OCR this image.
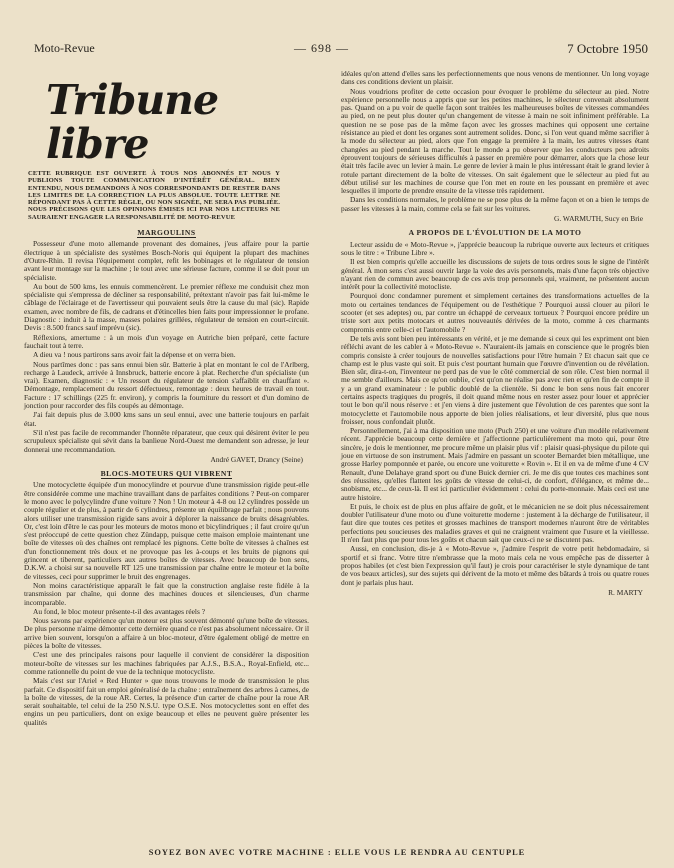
Moto-Revue	— 698 —	7 Octobre 1950
Tribune libre
CETTE RUBRIQUE EST OUVERTE À TOUS NOS ABONNÉS ET NOUS Y PUBLIONS TOUTE COMMUNICATION D'INTÉRÊT GÉNÉRAL. BIEN ENTENDU, NOUS DEMANDONS À NOS CORRESPONDANTS DE RESTER DANS LES LIMITES DE LA CORRECTION LA PLUS ABSOLUE. TOUTE LETTRE NE RÉPONDANT PAS À CETTE RÈGLE, OU NON SIGNÉE, NE SERA PAS PUBLIÉE. NOUS PRÉCISONS QUE LES OPINIONS ÉMISES ICI PAR NOS LECTEURS NE SAURAIENT ENGAGER LA RESPONSABILITÉ DE MOTO-REVUE
MARGOULINS

Possesseur d'une moto allemande provenant des domaines, j'eus affaire pour la partie électrique à un spécialiste des systèmes Bosch-Noris qui équipent la plupart des machines d'Outre-Rhin. Il revisa l'équipement complet, refit les bobinages et le régulateur de tension avant leur montage sur la machine ; le tout avec une sérieuse facture, comme il se doit pour un spécialiste.

Au bout de 500 kms, les ennuis commencèrent. Le premier réflexe me conduisit chez mon spécialiste qui s'empressa de décliner sa responsabilité, prétextant n'avoir pas fait lui-même le câblage de l'éclairage et de l'avertisseur qui pouvaient seuls être la cause du mal (sic). Rapide examen, avec nombre de fils, de cadrans et d'étincelles bien faits pour impressionner le profane. Diagnostic : induit à la masse, masses polaires grillées, régulateur de tension en court-circuit. Devis : 8.500 francs sauf imprévu (sic).

Réflexions, amertume : à un mois d'un voyage en Autriche bien préparé, cette facture fauchait tout à terre.

A dieu va ! nous partirons sans avoir fait la dépense et on verra bien.

Nous partîmes donc : pas sans ennui bien sûr. Batterie à plat en montant le col de l'Arlberg, recharge à Laudeck, arrivée à Innsbruck, batterie encore à plat. Recherche d'un spécialiste (un vrai). Examen, diagnostic : « Un ressort du régulateur de tension s'affaiblit en chauffant ». Démontage, remplacement du ressort défectueux, remontage : deux heures de travail en tout. Facture : 17 schillings (225 fr. environ), y compris la fourniture du ressort et d'un domino de jonction pour raccorder des fils coupés au démontage.

J'ai fait depuis plus de 3.000 kms sans un seul ennui, avec une batterie toujours en parfait état.

S'il n'est pas facile de recommander l'honnête réparateur, que ceux qui désirent éviter le peu scrupuleux spécialiste qui sévit dans la banlieue Nord-Ouest me demandent son adresse, je leur donnerai une recommandation.

André GAVET, Drancy (Seine)
BLOCS-MOTEURS QUI VIBRENT

Une motocyclette équipée d'un monocylindre et pourvue d'une transmission rigide peut-elle être considérée comme une machine travaillant dans de parfaites conditions ? Peut-on comparer le mono avec le polycylindre d'une voiture ? Non ! Un moteur à 4-8 ou 12 cylindres possède un couple régulier et de plus, à partir de 6 cylindres, présente un équilibrage parfait ; nous pouvons alors utiliser une transmission rigide sans avoir à déplorer la naissance de bruits désagréables. Or, c'est loin d'être le cas pour les moteurs de motos mono et bicylindriques ; il faut croire qu'un s'est préoccupé de cette question chez Zündapp, puisque cette maison emploie maintenant une boîte de vitesses où des chaînes ont remplacé les pignons. Cette boîte de vitesses à chaînes est d'un fonctionnement très doux et ne provoque pas les à-coups et les bruits de pignons qui grincent et tiberent, particuliers aux autres boîtes de vitesses. Avec beaucoup de bon sens, D.K.W. a choisi sur sa nouvelle RT 125 une transmission par chaîne entre le moteur et la boîte de vitesses, ceci pour supprimer le bruit des engrenages.

Non moins caractéristique apparaît le fait que la construction anglaise reste fidèle à la transmission par chaîne, qui donne des machines douces et silencieuses, d'un charme incomparable.

Au fond, le bloc moteur présente-t-il des avantages réels ?

Nous savons par expérience qu'un moteur est plus souvent démonté qu'une boîte de vitesses. De plus personne n'aime démonter cette dernière quand ce n'est pas absolument nécessaire. Or il arrive bien souvent, lorsqu'on a affaire à un bloc-moteur, d'être également obligé de mettre en pièces la boîte de vitesses.

C'est une des principales raisons pour laquelle il convient de considérer la disposition moteur-boîte de vitesses sur les machines fabriquées par A.J.S., B.S.A., Royal-Enfield, etc... comme rationnelle du point de vue de la technique motocycliste.

Mais c'est sur l'Ariel « Red Hunter » que nous trouvons le mode de transmission le plus parfait. Ce dispositif fait un emploi généralisé de la chaîne : entraînement des arbres à cames, de la boîte de vitesses, de la roue AR. Certes, la présence d'un carter de chaîne pour la roue AR serait souhaitable, tel celui de la 250 N.S.U. type O.S.E. Nos motocyclettes sont en effet des engins un peu particuliers, dont on exige beaucoup et elles ne peuvent guère présenter les qualités

idéales qu'on attend d'elles sans les perfectionnements que nous venons de mentionner. Un long voyage dans ces conditions devient un plaisir.

Nous voudrions profiter de cette occasion pour évoquer le problème du sélecteur au pied. Notre expérience personnelle nous a appris que sur les petites machines, le sélecteur convenait absolument pas. Quand on a pu voir de quelle façon sont traitées les malheureuses boîtes de vitesses commandées au pied, on ne peut plus douter qu'un changement de vitesse à main ne soit infiniment préférable. La question ne se pose pas de la même façon avec les grosses machines qui opposent une certaine résistance au pied et dont les organes sont autrement solides. Donc, si l'on veut quand même sacrifier à la mode du sélecteur au pied, alors que l'on engage la première à la main, les autres vitesses étant changées au pied pendant la marche. Tout le monde a pu observer que les conducteurs peu adroits éprouvent toujours de sérieuses difficultés à passer en première pour démarrer, alors que la chose leur était très facile avec un levier à main. Le genre de levier à main le plus intéressant était le grand levier à rotule partant directement de la boîte de vitesses. On sait également que le sélecteur au pied fut au début utilisé sur les machines de course que l'on met en route en les poussant en première et avec lesquelles il importe de prendre ensuite de la vitesse très rapidement.

Dans les conditions normales, le problème ne se pose plus de la même façon et on a bien le temps de passer les vitesses à la main, comme cela se fait sur les voitures.

G. WARMUTH, Sucy en Brie
A PROPOS DE L'ÉVOLUTION DE LA MOTO

Lecteur assidu de « Moto-Revue », j'apprécie beaucoup la rubrique ouverte aux lecteurs et critiques sous le titre : « Tribune Libre ».

Il est bien compris qu'elle accueille les discussions de sujets de tous ordres sous le signe de l'intérêt général. À mon sens c'est aussi ouvrir large la voie des avis personnels, mais d'une façon très objective n'ayant rien de commun avec beaucoup de ces avis trop personnels qui, vraiment, ne présentent aucun intérêt pour la collectivité motocliste.

Pourquoi donc condamner purement et simplement certaines des transformations actuelles de la moto ou certaines tendances de l'équipement ou de l'esthétique ? Pourquoi aussi clouer au pilori le scooter (et ses adeptes) ou, par contre un échappé de cerveaux tortueux ? Pourquoi encore prédire un triste sort aux petits motocars et autres nouveautés dérivées de la moto, comme à ces charmants compromis entre celle-ci et l'automobile ?

De tels avis sont bien peu intéressants en vérité, et je me demande si ceux qui les expriment ont bien réfléchi avant de les cabler à « Moto-Revue ». N'auraient-ils jamais en conscience que le progrès bien compris consiste à créer toujours de nouvelles satisfactions pour l'être humain ? Et chacun sait que ce champ est le plus vaste qui soit. Et puis c'est pourtant humain que l'œuvre d'invention ou de révélation. Bien sûr, dira-t-on, l'inventeur ne perd pas de vue le côté commercial de son rôle. C'est bien normal il me semble d'ailleurs. Mais ce qu'on oublie, c'est qu'on ne réalise pas avec rien et qu'en fin de compte il y a un grand examinateur : le public doublé de la clientèle. Si donc le bon sens nous fait encorer certains aspects tragiques du progrès, il doit quand même nous en rester assez pour louer et apprécier tout le bon qu'il nous réserve : et j'en viens à dire justement que l'évolution de ces parentes que sont la motocyclette et l'automobile nous apporte de bien jolies réalisations, et leur diversité, plus que nous froisser, nous confondait plutôt.

Personnellement, j'ai à ma disposition une moto (Puch 250) et une voiture d'un modèle relativement récent. J'apprécie beaucoup cette dernière et j'affectionne particulièrement ma moto qui, pour être sincère, je dois le mentionner, me procure même un plaisir plus vif : plaisir quasi-physique du pilote qui joue en virtuose de son instrument. Mais j'admire en passant un scooter Bernardet bien métallique, une grosse Harley pomponnée et parée, ou encore une voiturette « Rovin ». Et il en va de même d'une 4 CV Renault, d'une Delahaye grand sport ou d'une Buick dernier cri. Je me dis que toutes ces machines sont des réussites, qu'elles flattent les goûts de vitesse de celui-ci, de confort, d'élégance, et même de... snobisme, etc... de ceux-là. Il est ici particulier évidemment : celui du porte-monnaie. Mais ceci est une autre histoire.

Et puis, le choix est de plus en plus affaire de goût, et le mécanicien ne se doit plus nécessairement doubler l'utilisateur d'une moto ou d'une voiturette moderne : justement à la décharge de l'utilisateur, il faut dire que toutes ces petites et grosses machines de transport modernes n'auront être de véritables perfections peu soucieuses des maladies graves et qui ne craignent vraiment que l'usure et la vieillesse. Il n'en faut plus que pour tous les goûts et chacun sait que ceux-ci ne se discutent pas.

Aussi, en conclusion, dis-je à « Moto-Revue », j'admire l'esprit de votre petit hebdomadaire, si sportif et si franc. Votre titre n'embrasse que la moto mais cela ne vous empêche pas de disserter à propos habiles (et c'est bien l'expression qu'il faut) je crois pour caractériser le style dynamique de tant de vos beaux articles), sur des sujets qui dérivent de la moto et même des bâtards à trois ou quatre roues dont je parlais plus haut.

R. MARTY
SOYEZ BON AVEC VOTRE MACHINE : ELLE VOUS LE RENDRA AU CENTUPLE
